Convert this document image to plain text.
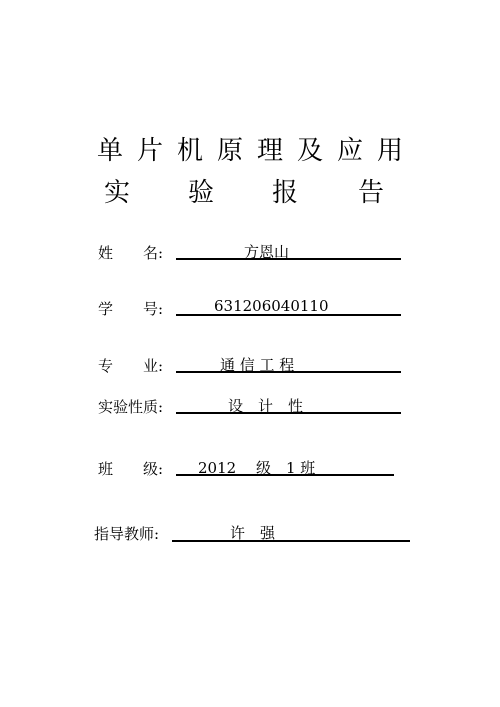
单片机原理及应用
实 验 报 告
姓　　名:	方恩山
学　　号:	631206040110
专　　业:	通 信 工 程
实验性质:	设　计　性
班　　级: 2012　 级　1 班
指导教师:	许　强
